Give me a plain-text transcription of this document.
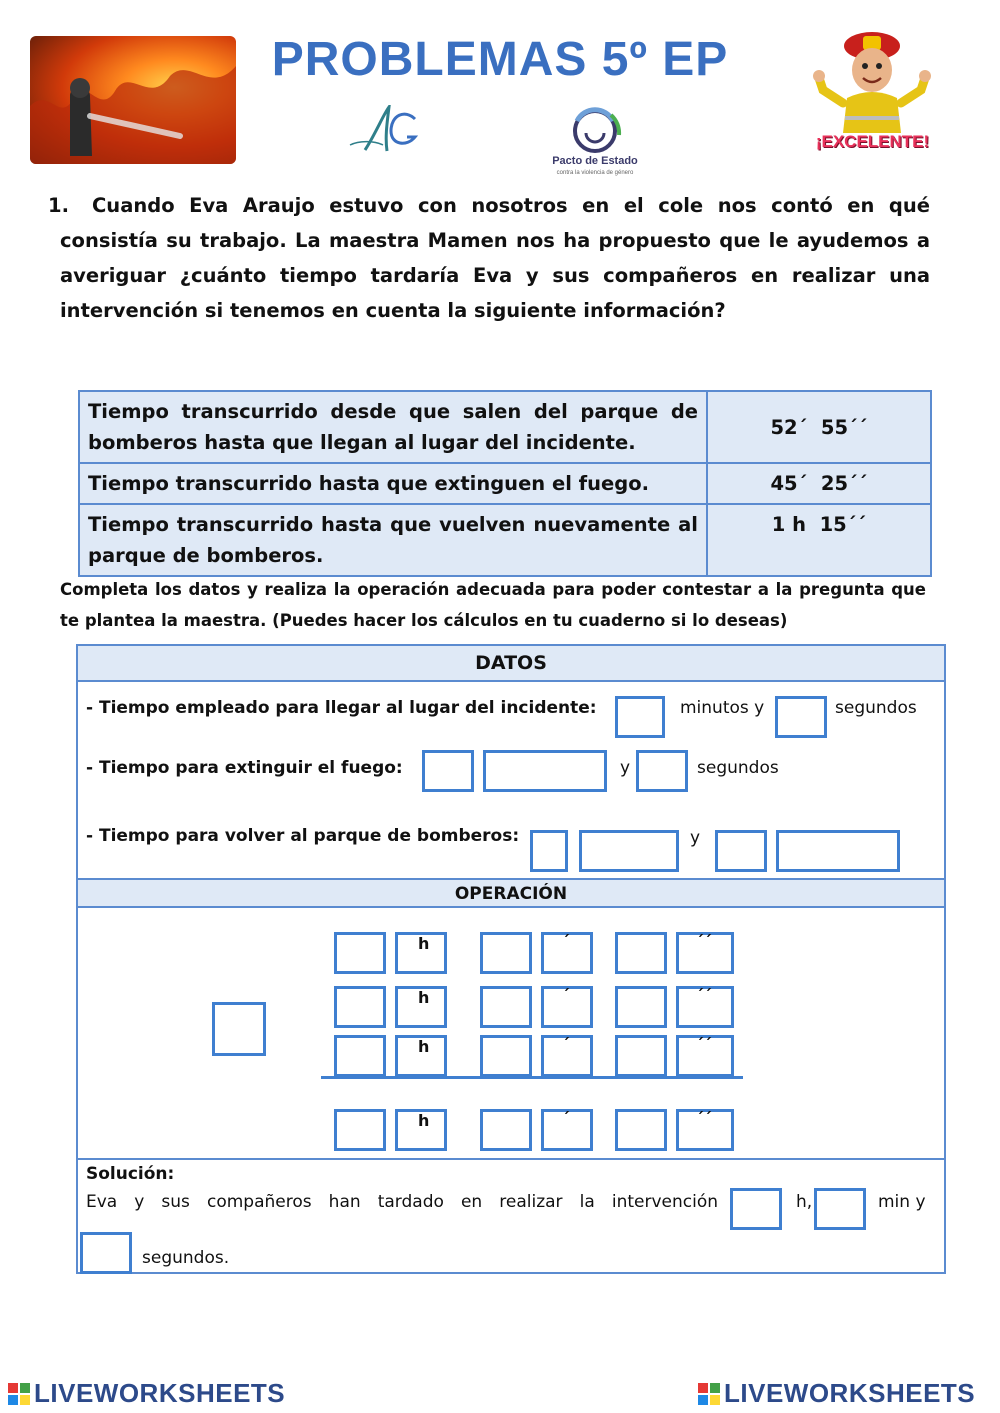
PROBLEMAS 5º EP
Pacto de Estado
contra la violencia de género
¡EXCELENTE!
1. Cuando Eva Araujo estuvo con nosotros en el cole nos contó en qué
consistía su trabajo. La maestra Mamen nos ha propuesto que le ayudemos a averiguar ¿cuánto tiempo tardaría Eva y sus compañeros en realizar una intervención si tenemos en cuenta la siguiente información?
Tiempo transcurrido desde que salen del parque de bomberos hasta que llegan al lugar del incidente.	52´  55´´
Tiempo transcurrido hasta que extinguen el fuego.	45´  25´´
Tiempo transcurrido hasta que vuelven nuevamente al parque de bomberos.	1 h  15´´
Completa los datos y realiza la operación adecuada para poder contestar a la pregunta que te plantea la maestra. (Puedes hacer los cálculos en tu cuaderno si lo deseas)
DATOS
- Tiempo empleado para llegar al lugar del incidente:	minutos y	segundos
- Tiempo para extinguir el fuego:	y	segundos
- Tiempo para volver al parque de bomberos:	y
OPERACIÓN
h	´	´´
h	´	´´
h	´	´´
h	´	´´
Solución:
Eva y sus compañeros han tardado en realizar la intervención	h,	min y
segundos.
LIVEWORKSHEETS	LIVEWORKSHEETS
